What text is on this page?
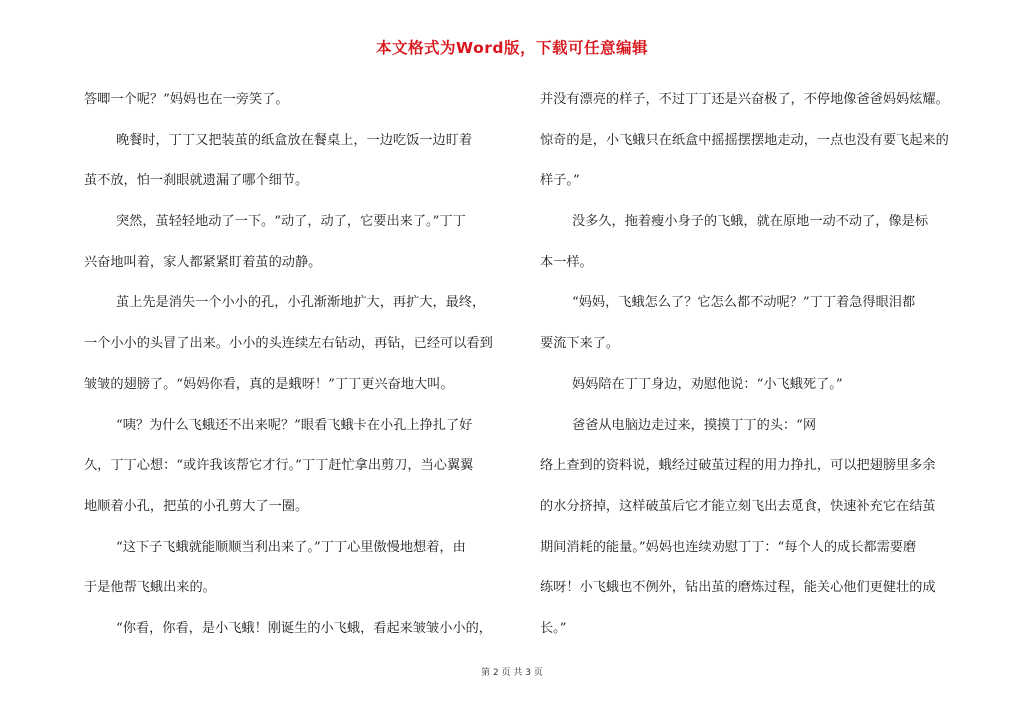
本文格式为Word版，下载可任意编辑
答唧一个呢？”妈妈也在一旁笑了。
晚餐时，丁丁又把装茧的纸盒放在餐桌上，一边吃饭一边盯着
茧不放，怕一刹眼就遗漏了哪个细节。
突然，茧轻轻地动了一下。“动了，动了，它要出来了。”丁丁
兴奋地叫着，家人都紧紧盯着茧的动静。
茧上先是消失一个小小的孔，小孔渐渐地扩大，再扩大，最终，
一个小小的头冒了出来。小小的头连续左右钻动，再钻，已经可以看到
皱皱的翅膀了。“妈妈你看，真的是蛾呀！”丁丁更兴奋地大叫。
“咦？为什么飞蛾还不出来呢？”眼看飞蛾卡在小孔上挣扎了好
久，丁丁心想：“或许我该帮它才行。”丁丁赶忙拿出剪刀，当心翼翼
地顺着小孔，把茧的小孔剪大了一圈。
“这下子飞蛾就能顺顺当利出来了。”丁丁心里傲慢地想着，由
于是他帮飞蛾出来的。
“你看，你看，是小飞蛾！刚诞生的小飞蛾，看起来皱皱小小的，
并没有漂亮的样子，不过丁丁还是兴奋极了，不停地像爸爸妈妈炫耀。
惊奇的是，小飞蛾只在纸盒中摇摇摆摆地走动，一点也没有要飞起来的
样子。”
没多久，拖着瘦小身子的飞蛾，就在原地一动不动了，像是标
本一样。
“妈妈，飞蛾怎么了？它怎么都不动呢？”丁丁着急得眼泪都
要流下来了。
妈妈陪在丁丁身边，劝慰他说：“小飞蛾死了。”
爸爸从电脑边走过来，摸摸丁丁的头：“网
络上查到的资料说，蛾经过破茧过程的用力挣扎，可以把翅膀里多余
的水分挤掉，这样破茧后它才能立刻飞出去觅食，快速补充它在结茧
期间消耗的能量。”妈妈也连续劝慰丁丁：“每个人的成长都需要磨
练呀！小飞蛾也不例外，钻出茧的磨炼过程，能关心他们更健壮的成
长。”
第 2 页 共 3 页
